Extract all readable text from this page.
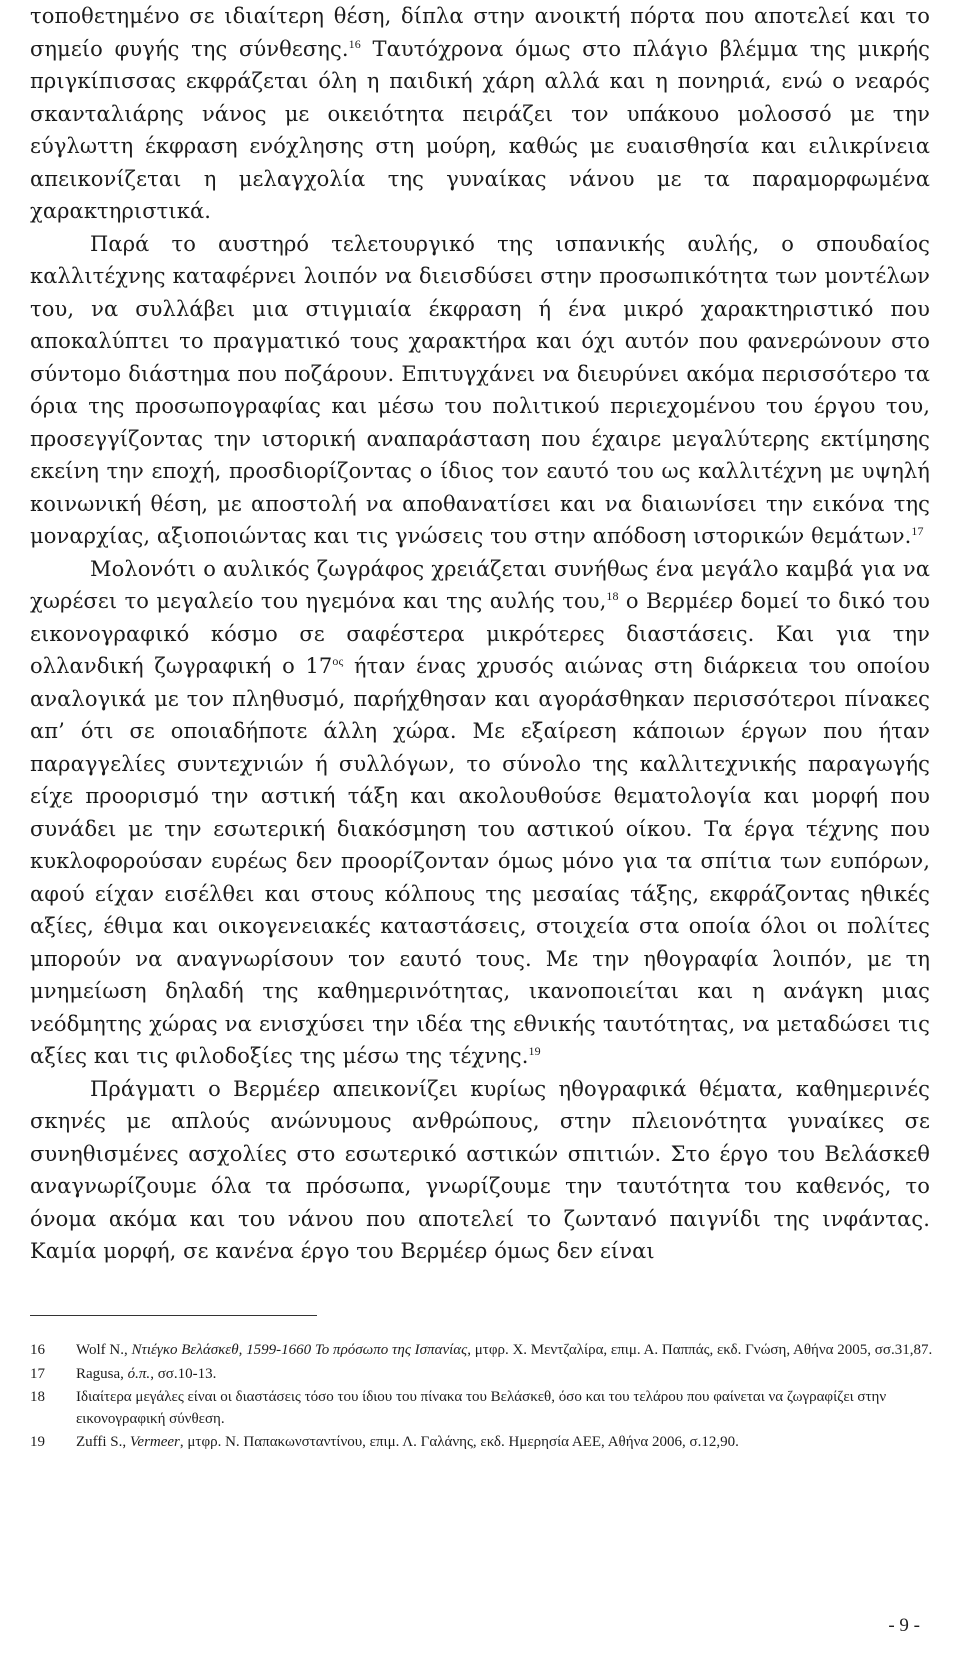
τοποθετημένο σε ιδιαίτερη θέση, δίπλα στην ανοικτή πόρτα που αποτελεί και το σημείο φυγής της σύνθεσης.$^{16}$ Ταυτόχρονα όμως στο πλάγιο βλέμμα της μικρής πριγκίπισσας εκφράζεται όλη η παιδική χάρη αλλά και η πονηριά, ενώ ο νεαρός σκανταλιάρης νάνος με οικειότητα πειράζει τον υπάκουο μολοσσό με την εύγλωττη έκφραση ενόχλησης στη μούρη, καθώς με ευαισθησία και ειλικρίνεια απεικονίζεται η μελαγχολία της γυναίκας νάνου με τα παραμορφωμένα χαρακτηριστικά.

Παρά το αυστηρό τελετουργικό της ισπανικής αυλής, ο σπουδαίος καλλιτέχνης καταφέρνει λοιπόν να διεισδύσει στην προσωπικότητα των μοντέλων του, να συλλάβει μια στιγμιαία έκφραση ή ένα μικρό χαρακτηριστικό που αποκαλύπτει το πραγματικό τους χαρακτήρα και όχι αυτόν που φανερώνουν στο σύντομο διάστημα που ποζάρουν. Επιτυγχάνει να διευρύνει ακόμα περισσότερο τα όρια της προσωπογραφίας και μέσω του πολιτικού περιεχομένου του έργου του, προσεγγίζοντας την ιστορική αναπαράσταση που έχαιρε μεγαλύτερης εκτίμησης εκείνη την εποχή, προσδιορίζοντας ο ίδιος τον εαυτό του ως καλλιτέχνη με υψηλή κοινωνική θέση, με αποστολή να αποθανατίσει και να διαιωνίσει την εικόνα της μοναρχίας, αξιοποιώντας και τις γνώσεις του στην απόδοση ιστορικών θεμάτων.$^{17}$

Μολονότι ο αυλικός ζωγράφος χρειάζεται συνήθως ένα μεγάλο καμβά για να χωρέσει το μεγαλείο του ηγεμόνα και της αυλής του,$^{18}$ ο Βερμέερ δομεί το δικό του εικονογραφικό κόσμο σε σαφέστερα μικρότερες διαστάσεις. Και για την ολλανδική ζωγραφική ο $17^{o\varsigma}$ ήταν ένας χρυσός αιώνας στη διάρκεια του οποίου αναλογικά με τον πληθυσμό, παρήχθησαν και αγοράσθηκαν περισσότεροι πίνακες απ’ ότι σε οποιαδήποτε άλλη χώρα. Με εξαίρεση κάποιων έργων που ήταν παραγγελίες συντεχνιών ή συλλόγων, το σύνολο της καλλιτεχνικής παραγωγής είχε προορισμό την αστική τάξη και ακολουθούσε θεματολογία και μορφή που συνάδει με την εσωτερική διακόσμηση του αστικού οίκου. Τα έργα τέχνης που κυκλοφορούσαν ευρέως δεν προορίζονταν όμως μόνο για τα σπίτια των ευπόρων, αφού είχαν εισέλθει και στους κόλπους της μεσαίας τάξης, εκφράζοντας ηθικές αξίες, έθιμα και οικογενειακές καταστάσεις, στοιχεία στα οποία όλοι οι πολίτες μπορούν να αναγνωρίσουν τον εαυτό τους. Με την ηθογραφία λοιπόν, με τη μνημείωση δηλαδή της καθημερινότητας, ικανοποιείται και η ανάγκη μιας νεόδμητης χώρας να ενισχύσει την ιδέα της εθνικής ταυτότητας, να μεταδώσει τις αξίες και τις φιλοδοξίες της μέσω της τέχνης.$^{19}$

Πράγματι ο Βερμέερ απεικονίζει κυρίως ηθογραφικά θέματα, καθημερινές σκηνές με απλούς ανώνυμους ανθρώπους, στην πλειονότητα γυναίκες σε συνηθισμένες ασχολίες στο εσωτερικό αστικών σπιτιών. Στο έργο του Βελάσκεθ αναγνωρίζουμε όλα τα πρόσωπα, γνωρίζουμε την ταυτότητα του καθενός, το όνομα ακόμα και του νάνου που αποτελεί το ζωντανό παιγνίδι της ινφάντας. Καμία μορφή, σε κανένα έργο του Βερμέερ όμως δεν είναι

16 Wolf N., Ντιέγκο Βελάσκεθ, 1599-1660 Το πρόσωπο της Ισπανίας, μτφρ. Χ. Μεντζαλίρα, επιμ. Α. Παππάς, εκδ. Γνώση, Αθήνα 2005, σσ.31,87.
17 Ragusa, ό.π., σσ.10-13.
18 Ιδιαίτερα μεγάλες είναι οι διαστάσεις τόσο του ίδιου του πίνακα του Βελάσκεθ, όσο και του τελάρου που φαίνεται να ζωγραφίζει στην εικονογραφική σύνθεση.
19 Zuffi S., Vermeer, μτφρ. Ν. Παπακωνσταντίνου, επιμ. Λ. Γαλάνης, εκδ. Ημερησία ΑΕΕ, Αθήνα 2006, σ.12,90.
- 9 -
